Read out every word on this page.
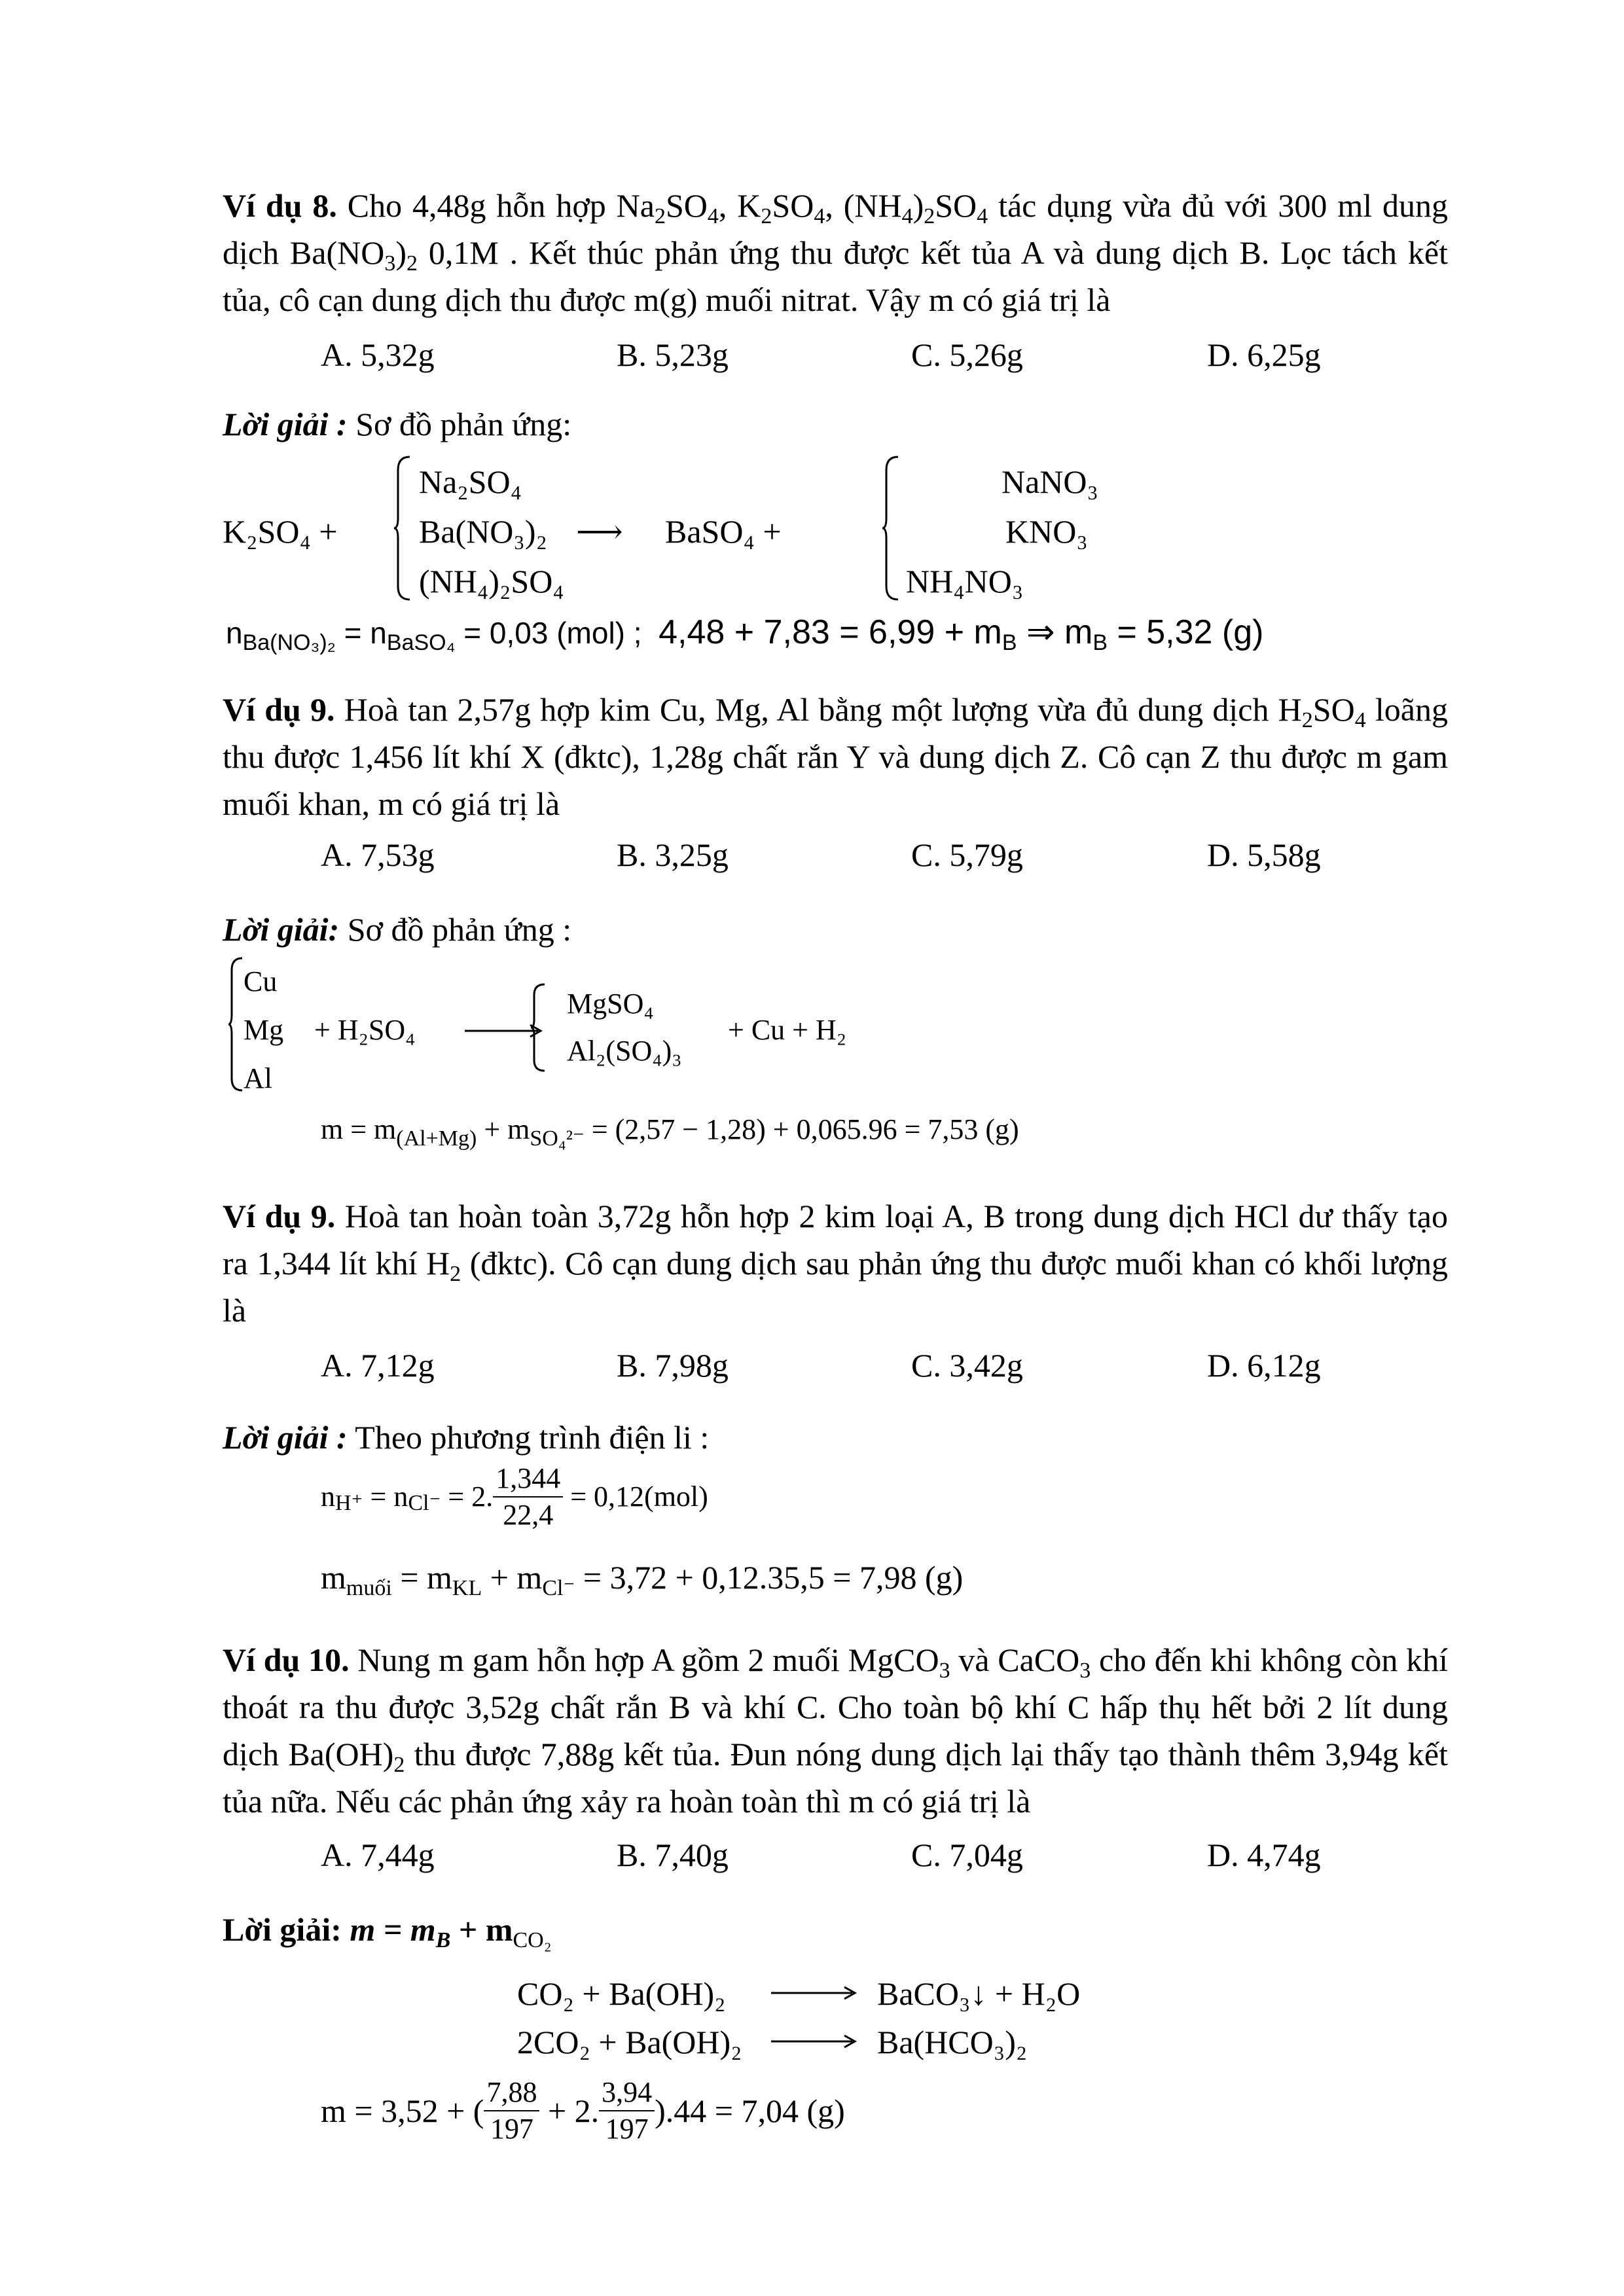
Ví dụ 8. Cho 4,48g hỗn hợp $Na_2SO_4$, $K_2SO_4$, $(NH_4)_2SO_4$ tác dụng vừa đủ với 300 ml dung dịch $Ba(NO_3)_2$ 0,1M . Kết thúc phản ứng thu được kết tủa A và dung dịch B. Lọc tách kết tủa, cô cạn dung dịch thu được m(g) muối nitrat. Vậy m có giá trị là

A. 5,32g	B. 5,23g	C. 5,26g	D. 6,25g
Lời giải : Sơ đồ phản ứng:
K₂SO₄ +
Na₂SO₄
Ba(NO₃)₂
(NH₄)₂SO₄
⟶ BaSO₄ +
NaNO₃
KNO₃
NH₄NO₃
$n_{Ba(NO_3)_2} = n_{BaSO_4} = 0,03$ (mol) ; $4,48 + 7,83 = 6,99 + m_B$ ⇒ $m_B = 5,32$ (g)

Ví dụ 9. Hoà tan 2,57g hợp kim Cu, Mg, Al bằng một lượng vừa đủ dung dịch $H_2SO_4$ loãng thu được 1,456 lít khí X (đktc), 1,28g chất rắn Y và dung dịch Z. Cô cạn Z thu được m gam muối khan, m có giá trị là

A. 7,53g	B. 3,25g	C. 5,79g	D. 5,58g
Lời giải: Sơ đồ phản ứng :
Cu
Mg
Al
+ H₂SO₄
MgSO₄
Al₂(SO₄)₃
+ Cu + H₂
$m = m_{(Al+Mg)} + m_{SO_4^{2-}} = (2,57 - 1,28) + 0,065.96 = 7,53$ (g)

Ví dụ 9. Hoà tan hoàn toàn 3,72g hỗn hợp 2 kim loại A, B trong dung dịch HCl dư thấy tạo ra 1,344 lít khí $H_2$ (đktc). Cô cạn dung dịch sau phản ứng thu được muối khan có khối lượng là

A. 7,12g	B. 7,98g	C. 3,42g	D. 6,12g
Lời giải : Theo phương trình điện li :
$n_{H^+} = n_{Cl^-} = 2$. $\frac{1,344}{22,4} = 0,12(mol)$
$m_{muối} = m_{KL} + m_{Cl^-} = 3,72 + 0,12.35,5 = 7,98$ (g)

Ví dụ 10. Nung m gam hỗn hợp A gồm 2 muối MgCO$_3$ và CaCO$_3$ cho đến khi không còn khí thoát ra thu được 3,52g chất rắn B và khí C. Cho toàn bộ khí C hấp thụ hết bởi 2 lít dung dịch $Ba(OH)_2$ thu được 7,88g kết tủa. Đun nóng dung dịch lại thấy tạo thành thêm 3,94g kết tủa nữa. Nếu các phản ứng xảy ra hoàn toàn thì m có giá trị là

A. 7,44g	B. 7,40g	C. 7,04g	D. 4,74g
Lời giải: $m = m_B + m_{CO_2}$
CO₂ + Ba(OH)₂ → BaCO₃↓ + H₂O
2CO₂ + Ba(OH)₂ → Ba(HCO₃)₂
m = 3,52 + ( $\frac{7,88}{197} + 2$. $\frac{3,94}{197} ).44 = 7,04$ (g)
